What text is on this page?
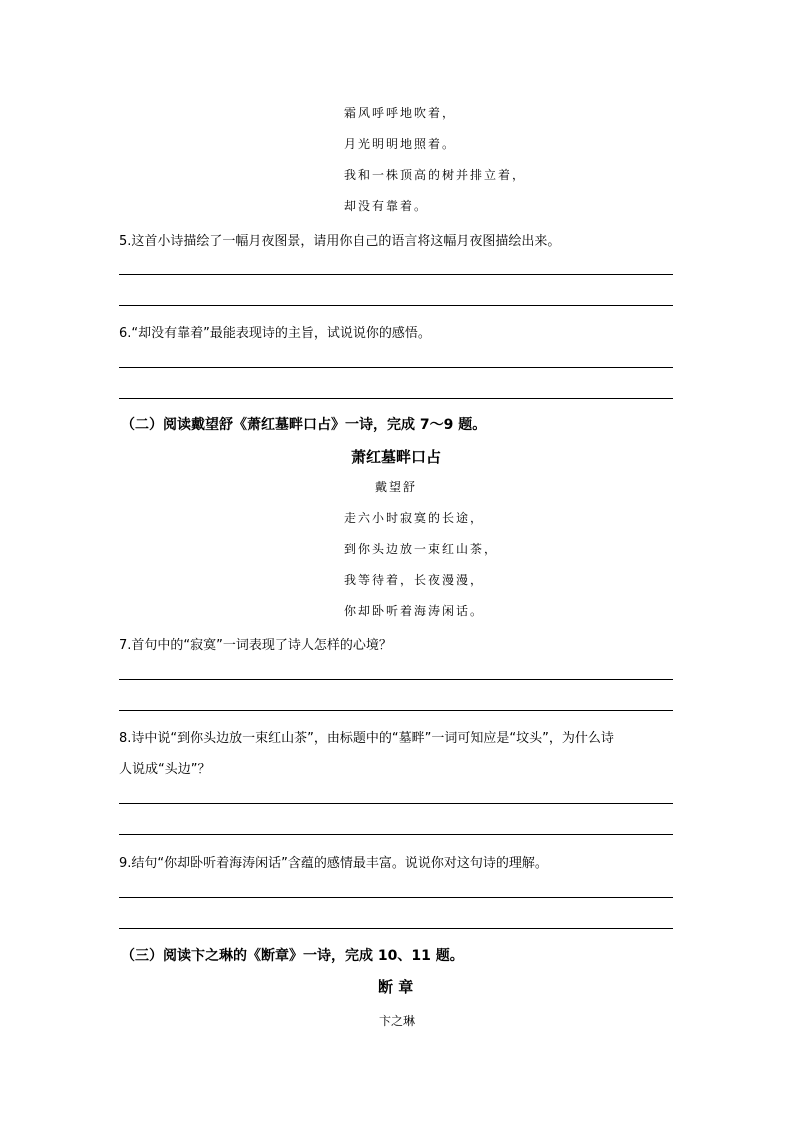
霜风呼呼地吹着，
月光明明地照着。
我和一株顶高的树并排立着，
却没有靠着。
5.这首小诗描绘了一幅月夜图景，请用你自己的语言将这幅月夜图描绘出来。
6.“却没有靠着”最能表现诗的主旨，试说说你的感悟。
（二）阅读戴望舒《萧红墓畔口占》一诗，完成 7～9 题。
萧红墓畔口占
戴望舒
走六小时寂寞的长途，
到你头边放一束红山茶，
我等待着，长夜漫漫，
你却卧听着海涛闲话。
7.首句中的“寂寞”一词表现了诗人怎样的心境？
8.诗中说“到你头边放一束红山茶”，由标题中的“墓畔”一词可知应是“坟头”，为什么诗
人说成“头边”？
9.结句“你却卧听着海涛闲话”含蕴的感情最丰富。说说你对这句诗的理解。
（三）阅读卞之琳的《断章》一诗，完成 10、11 题。
断 章
卞之琳
